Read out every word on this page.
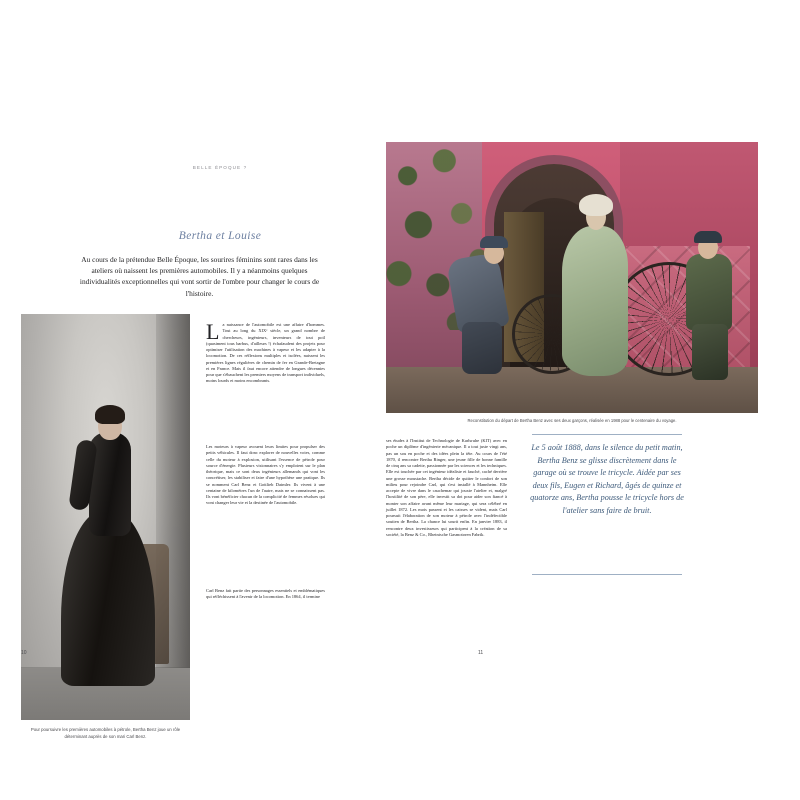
BELLE ÉPOQUE ?
Bertha et Louise
Au cours de la prétendue Belle Époque, les sourires féminins sont rares dans les ateliers où naissent les premières automobiles. Il y a néanmoins quelques individualités exceptionnelles qui vont sortir de l'ombre pour changer le cours de l'histoire.
Pour poursuivre les premières automobiles à pétrole, Bertha Benz joue un rôle déterminant auprès de son mari Carl Benz.
La naissance de l'automobile est une affaire d'hommes. Tout au long du XIXᵉ siècle, un grand nombre de chercheurs, ingénieurs, inventeurs de tout poil (quasiment tous barbus, d'ailleurs !) échafaudent des projets pour optimiser l'utilisation des machines à vapeur et les adapter à la locomotion. De ces réflexions multiples et isolées, naissent les premières lignes régulières de chemin de fer en Grande-Bretagne et en France. Mais il faut encore attendre de longues décennies pour que s'ébauchent les premiers moyens de transport individuels, moins lourds et moins encombrants.
Les moteurs à vapeur avouent leurs limites pour propulser des petits véhicules. Il faut donc explorer de nouvelles voies, comme celle du moteur à explosion, utilisant l'essence de pétrole pour source d'énergie. Plusieurs visionnaires s'y emploient sur le plan théorique, mais ce sont deux ingénieurs allemands qui vont les concrétiser, les stabiliser et faire d'une hypothèse une pratique. Ils se nomment Carl Benz et Gottlieb Daimler. Ils vivent à une centaine de kilomètres l'un de l'autre, mais ne se connaissent pas. Ils vont bénéficier chacun de la complicité de femmes résolues qui vont changer leur vie et la destinée de l'automobile.
Carl Benz fait partie des personnages essentiels et emblématiques qui réfléchissent à l'avenir de la locomotion. En 1864, il termine
10
Reconstitution du départ de Bertha Benz avec ses deux garçons, réalisée en 1988 pour le centenaire du voyage.
ses études à l'Institut de Technologie de Karlsruhe (KIT) avec en poche un diplôme d'ingénierie mécanique. Il a tout juste vingt ans, pas un sou en poche et des idées plein la tête. Au cours de l'été 1870, il rencontre Bertha Ringer, une jeune fille de bonne famille de cinq ans sa cadette, passionnée par les sciences et les techniques. Elle est touchée par cet ingénieur idéaliste et fauché, caché derrière une grosse moustache. Bertha décide de quitter le confort de son milieu pour rejoindre Carl, qui s'est installé à Mannheim. Elle accepte de vivre dans le cauchemar qui jouxte l'atelier et, malgré l'hostilité de son père, elle investit sa dot pour aider son fiancé à monter son affaire avant même leur mariage, qui sera célébré en juillet 1872. Les mois passent et les caisses se vident, mais Carl poursuit l'élaboration de son moteur à pétrole avec l'indéfectible soutien de Bertha. La chance lui sourit enfin. En janvier 1883, il rencontre deux investisseurs qui participent à la création de sa société, la Benz & Co., Rheinische Gasmotoren Fabrik.
Le 5 août 1888, dans le silence du petit matin, Bertha Benz se glisse discrètement dans le garage où se trouve le tricycle. Aidée par ses deux fils, Eugen et Richard, âgés de quinze et quatorze ans, Bertha pousse le tricycle hors de l'atelier sans faire de bruit.
11
